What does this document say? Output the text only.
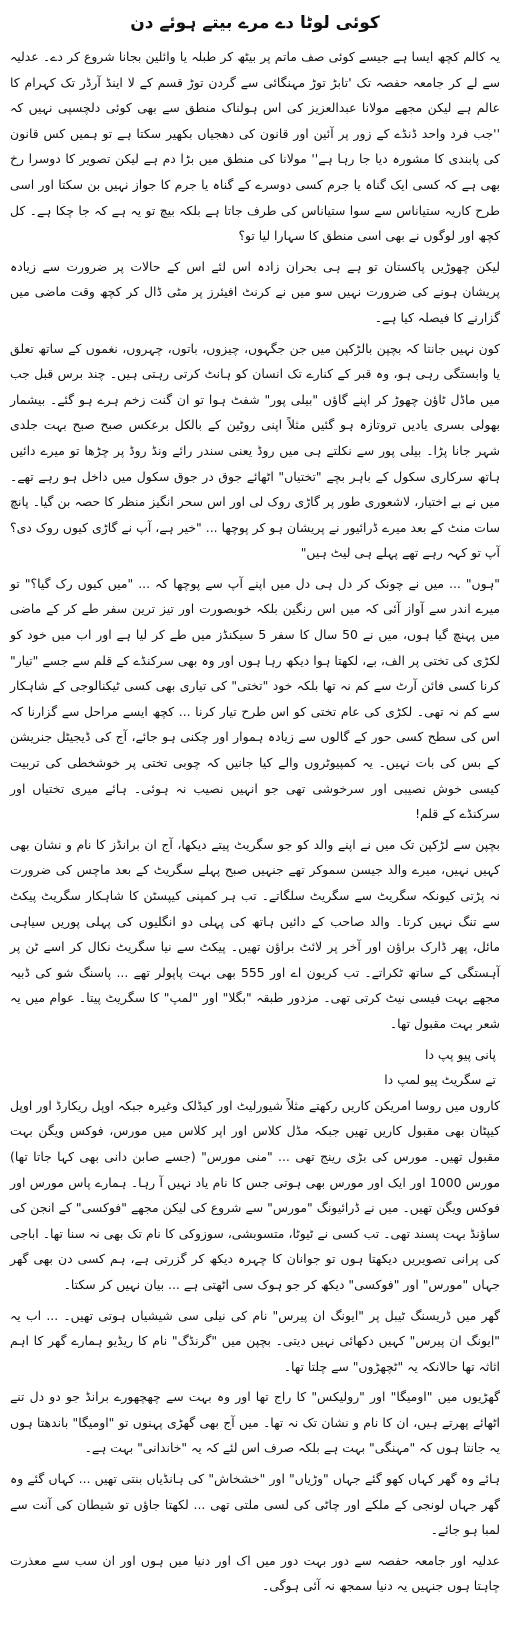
کوئی لوٹا دے مرے بیتے ہوئے دن

یہ کالم کچھ ایسا ہے جیسے کوئی صف ماتم پر بیٹھ کر طبلہ یا وائلین بجانا شروع کر دے۔ عدلیہ سے لے کر جامعہ حفصہ تک 'تابڑ توڑ مہنگائی سے گردن توڑ قسم کے لا اینڈ آرڈر تک کہرام کا عالم ہے لیکن مجھے مولانا عبدالعزیز کی اس ہولناک منطق سے بھی کوئی دلچسپی نہیں کہ ''جب فرد واحد ڈنڈے کے زور پر آئین اور قانون کی دھجیاں بکھیر سکتا ہے تو ہمیں کس قانون کی پابندی کا مشورہ دیا جا رہا ہے'' مولانا کی منطق میں بڑا دم ہے لیکن تصویر کا دوسرا رخ بھی ہے کہ کسی ایک گناہ یا جرم کسی دوسرے کے گناہ یا جرم کا جواز نہیں بن سکتا اور اسی طرح کاریہ ستیاناس سے سوا ستیاناس کی طرف جاتا ہے بلکہ بیچ تو یہ ہے کہ جا چکا ہے۔ کل کچھ اور لوگوں نے بھی اسی منطق کا سہارا لیا تو؟

لیکن چھوڑیں پاکستان تو ہے ہی بحران زادہ اس لئے اس کے حالات پر ضرورت سے زیادہ پریشان ہونے کی ضرورت نہیں سو میں نے کرنٹ افیئرز پر مٹی ڈال کر کچھ وقت ماضی میں گزارنے کا فیصلہ کیا ہے۔

کون نہیں جانتا کہ بچپن بالڑکپن میں جن جگہوں، چیزوں، باتوں، چہروں، نغموں کے ساتھ تعلق یا وابستگی رہی ہو، وہ قبر کے کنارے تک انسان کو ہانٹ کرتی رہتی ہیں۔ چند برس قبل جب میں ماڈل ٹاؤن چھوڑ کر اپنے گاؤں "بیلی پور" شفٹ ہوا تو ان گنت زخم ہرے ہو گئے۔ بیشمار بھولی بسری یادیں تروتازہ ہو گئیں مثلاً اپنی روٹین کے بالکل برعکس صبح صبح بہت جلدی شہر جانا پڑا۔ بیلی پور سے نکلتے ہی میں روڈ یعنی سندر رائے ونڈ روڈ پر چڑھا تو میرے دائیں ہاتھ سرکاری سکول کے باہر بچے "تختیاں" اٹھائے جوق در جوق سکول میں داخل ہو رہے تھے۔ میں نے بے اختیار، لاشعوری طور پر گاڑی روک لی اور اس سحر انگیز منظر کا حصہ بن گیا۔ پانچ سات منٹ کے بعد میرے ڈرائیور نے پریشان ہو کر پوچھا ... "خیر ہے، آپ نے گاڑی کیوں روک دی؟ آپ تو کہہ رہے تھے پہلے ہی لیٹ ہیں"

"ہوں" ... میں نے چونک کر دل ہی دل میں اپنے آپ سے پوچھا کہ ... "میں کیوں رک گیا؟" تو میرے اندر سے آواز آئی کہ میں اس رنگین بلکہ خوبصورت اور تیز ترین سفر طے کر کے ماضی میں پہنچ گیا ہوں، میں نے 50 سال کا سفر 5 سیکنڈز میں طے کر لیا ہے اور اب میں خود کو لکڑی کی تختی پر الف، بے، لکھتا ہوا دیکھ رہا ہوں اور وہ بھی سرکنڈے کے قلم سے جسے "تیار" کرنا کسی فائن آرٹ سے کم نہ تھا بلکہ خود "تختی" کی تیاری بھی کسی ٹیکنالوجی کے شاہکار سے کم نہ تھی۔ لکڑی کی عام تختی کو اس طرح تیار کرنا ... کچھ ایسے مراحل سے گزارنا کہ اس کی سطح کسی حور کے گالوں سے زیادہ ہموار اور چکنی ہو جائے، آج کی ڈیجیٹل جنریشن کے بس کی بات نہیں۔ یہ کمپیوٹروں والے کیا جانیں کہ چوبی تختی پر خوشخطی کی تربیت کیسی خوش نصیبی اور سرخوشی تھی جو انہیں نصیب نہ ہوئی۔ ہائے میری تختیاں اور سرکنڈے کے قلم!

بچپن سے لڑکپن تک میں نے اپنے والد کو جو سگریٹ پیتے دیکھا، آج ان برانڈز کا نام و نشان بھی کہیں نہیں، میرے والد جیسن سموکر تھے جنہیں صبح پہلے سگریٹ کے بعد ماچس کی ضرورت نہ پڑتی کیونکہ سگریٹ سے سگریٹ سلگاتے۔ تب ہر کمپنی کیپسٹن کا شاہکار سگریٹ پیکٹ سے تنگ نہیں کرتا۔ والد صاحب کے دائیں ہاتھ کی پہلی دو انگلیوں کی پہلی پوریں سیاہی مائل، پھر ڈارک براؤن اور آخر پر لائٹ براؤن تھیں۔ پیکٹ سے نیا سگریٹ نکال کر اسے ٹن پر آہستگی کے ساتھ ٹکراتے۔ تب کریون اے اور 555 بھی بہت پاپولر تھے ... پاسنگ شو کی ڈبیہ مجھے بہت فیسی نیٹ کرتی تھی۔ مزدور طبقہ "بگلا" اور "لمپ" کا سگریٹ پیتا۔ عوام میں یہ شعر بہت مقبول تھا۔

پانی پیو پپ دا

تے سگریٹ پیو لمپ دا

کاروں میں روسا امریکن کاریں رکھتے مثلاً شیورلیٹ اور کیڈلک وغیرہ جبکہ اوپل ریکارڈ اور اوپل کیپٹان بھی مقبول کاریں تھیں جبکہ مڈل کلاس اور اپر کلاس میں مورس، فوکس ویگن بہت مقبول تھیں۔ مورس کی بڑی رینج تھی ... "منی مورس" (جسے صابن دانی بھی کہا جاتا تھا) مورس 1000 اور ایک اور مورس بھی ہوتی جس کا نام یاد نہیں آ رہا۔ ہمارے پاس مورس اور فوکس ویگن تھیں۔ میں نے ڈرائیونگ "مورس" سے شروع کی لیکن مجھے "فوکسی" کے انجن کی ساؤنڈ بہت پسند تھی۔ تب کسی نے ٹیوٹا، متسوبشی، سوزوکی کا نام تک بھی نہ سنا تھا۔ اباجی کی پرانی تصویریں دیکھتا ہوں تو جوانان کا چہرہ دیکھ کر گزرتی ہے، ہم کسی دن بھی گھر جہاں "مورس" اور "فوکسی" دیکھ کر جو ہوک سی اٹھتی ہے ... بیان نہیں کر سکتا۔

گھر میں ڈریسنگ ٹیبل پر "ایونگ ان پیرس" نام کی نیلی سی شیشیاں ہوتی تھیں۔ ... اب یہ "ایونگ ان پیرس" کہیں دکھائی نہیں دیتی۔ بچپن میں "گرنڈگ" نام کا ریڈیو ہمارے گھر کا اہم اثاثہ تھا حالانکہ یہ "ٹچھڑوں" سے چلتا تھا۔

گھڑیوں میں "اومیگا" اور "رولیکس" کا راج تھا اور وہ بہت سے چھچھورے برانڈ جو دو دل تنے اٹھائے پھرتے ہیں، ان کا نام و نشان تک نہ تھا۔ میں آج بھی گھڑی پہنوں تو "اومیگا" باندھتا ہوں یہ جانتا ہوں کہ "مہنگی" بہت ہے بلکہ صرف اس لئے کہ یہ "خاندانی" بہت ہے۔

ہائے وہ گھر کہاں کھو گئے جہاں "وڑیاں" اور "خشخاش" کی ہانڈیاں بنتی تھیں ... کہاں گئے وہ گھر جہاں لونجی کے ملکے اور چاٹی کی لسی ملتی تھی ... لکھتا جاؤں تو شیطان کی آنت سے لمبا ہو جائے۔

عدلیہ اور جامعہ حفصہ سے دور بہت دور میں اک اور دنیا میں ہوں اور ان سب سے معذرت چاہتا ہوں جنہیں یہ دنیا سمجھ نہ آئی ہوگی۔
